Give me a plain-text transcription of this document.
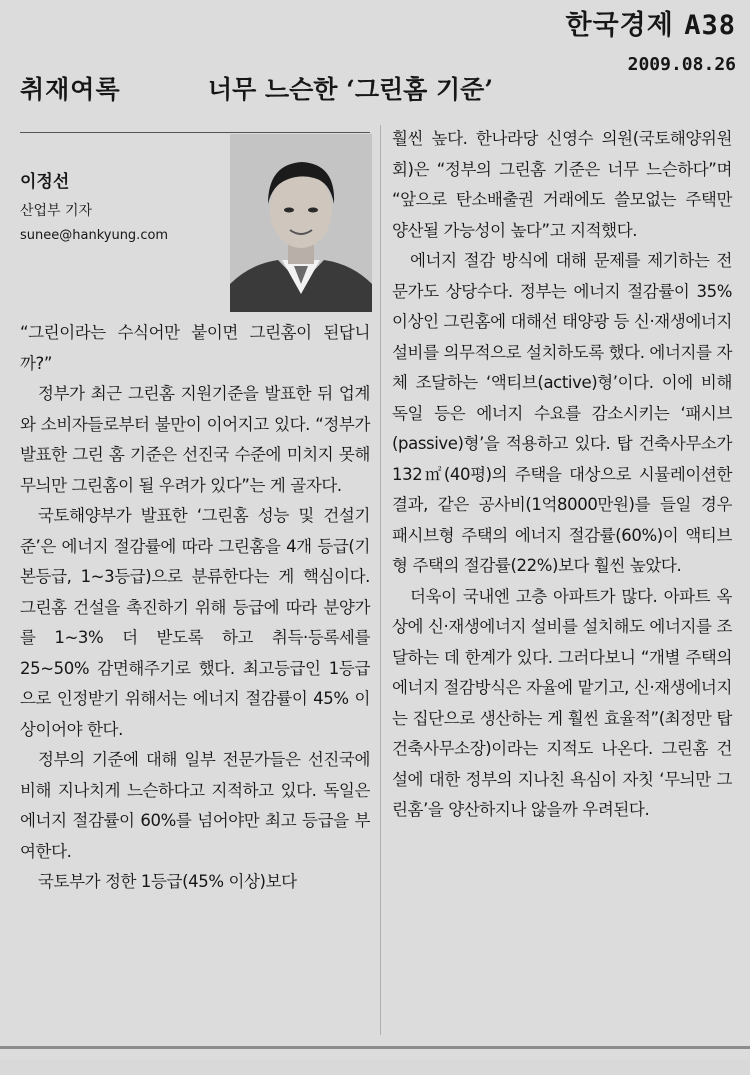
한국경제 A38
2009.08.26
취재여록	너무 느슨한 ‘그린홈 기준’
이정선
산업부 기자
sunee@hankyung.com

“그린이라는 수식어만 붙이면 그린홈이 된답니까?”

정부가 최근 그린홈 지원기준을 발표한 뒤 업계와 소비자들로부터 불만이 이어지고 있다. “정부가 발표한 그린 홈 기준은 선진국 수준에 미치지 못해 무늬만 그린홈이 될 우려가 있다”는 게 골자다.

국토해양부가 발표한 ‘그린홈 성능 및 건설기준’은 에너지 절감률에 따라 그린홈을 4개 등급(기본등급, 1~3등급)으로 분류한다는 게 핵심이다. 그린홈 건설을 촉진하기 위해 등급에 따라 분양가를 1~3% 더 받도록 하고 취득·등록세를 25~50% 감면해주기로 했다. 최고등급인 1등급으로 인정받기 위해서는 에너지 절감률이 45% 이상이어야 한다.

정부의 기준에 대해 일부 전문가들은 선진국에 비해 지나치게 느슨하다고 지적하고 있다. 독일은 에너지 절감률이 60%를 넘어야만 최고 등급을 부여한다.

국토부가 정한 1등급(45% 이상)보다

훨씬 높다. 한나라당 신영수 의원(국토해양위원회)은 “정부의 그린홈 기준은 너무 느슨하다”며 “앞으로 탄소배출권 거래에도 쓸모없는 주택만 양산될 가능성이 높다”고 지적했다.

에너지 절감 방식에 대해 문제를 제기하는 전문가도 상당수다. 정부는 에너지 절감률이 35% 이상인 그린홈에 대해선 태양광 등 신·재생에너지 설비를 의무적으로 설치하도록 했다. 에너지를 자체 조달하는 ‘액티브(active)형’이다. 이에 비해 독일 등은 에너지 수요를 감소시키는 ‘패시브(passive)형’을 적용하고 있다. 탑 건축사무소가 132㎡(40평)의 주택을 대상으로 시뮬레이션한 결과, 같은 공사비(1억8000만원)를 들일 경우 패시브형 주택의 에너지 절감률(60%)이 액티브형 주택의 절감률(22%)보다 훨씬 높았다.

더욱이 국내엔 고층 아파트가 많다. 아파트 옥상에 신·재생에너지 설비를 설치해도 에너지를 조달하는 데 한계가 있다. 그러다보니 “개별 주택의 에너지 절감방식은 자율에 맡기고, 신·재생에너지는 집단으로 생산하는 게 훨씬 효율적”(최정만 탑 건축사무소장)이라는 지적도 나온다. 그린홈 건설에 대한 정부의 지나친 욕심이 자칫 ‘무늬만 그린홈’을 양산하지나 않을까 우려된다.
